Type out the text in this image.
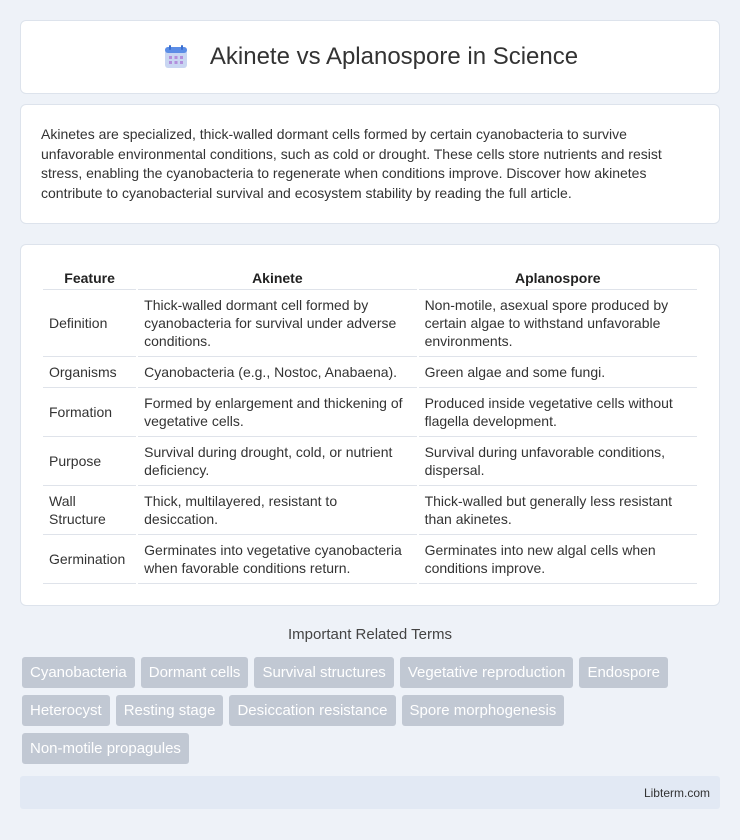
Akinete vs Aplanospore in Science

Akinetes are specialized, thick-walled dormant cells formed by certain cyanobacteria to survive unfavorable environmental conditions, such as cold or drought. These cells store nutrients and resist stress, enabling the cyanobacteria to regenerate when conditions improve. Discover how akinetes contribute to cyanobacterial survival and ecosystem stability by reading the full article.

Feature	Akinete	Aplanospore
Definition	Thick-walled dormant cell formed by cyanobacteria for survival under adverse conditions.	Non-motile, asexual spore produced by certain algae to withstand unfavorable environments.
Organisms	Cyanobacteria (e.g., Nostoc, Anabaena).	Green algae and some fungi.
Formation	Formed by enlargement and thickening of vegetative cells.	Produced inside vegetative cells without flagella development.
Purpose	Survival during drought, cold, or nutrient deficiency.	Survival during unfavorable conditions, dispersal.
Wall Structure	Thick, multilayered, resistant to desiccation.	Thick-walled but generally less resistant than akinetes.
Germination	Germinates into vegetative cyanobacteria when favorable conditions return.	Germinates into new algal cells when conditions improve.
Important Related Terms
Cyanobacteria	Dormant cells	Survival structures	Vegetative reproduction	Endospore
Heterocyst	Resting stage	Desiccation resistance	Spore morphogenesis
Non-motile propagules
Libterm.com
